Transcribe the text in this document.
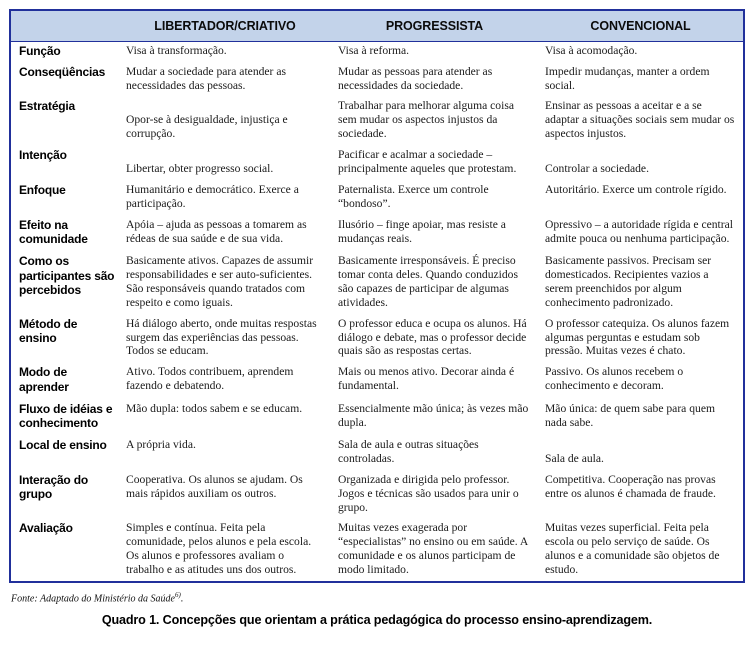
	LIBERTADOR/CRIATIVO	PROGRESSISTA	CONVENCIONAL
Função	Visa à transformação.	Visa à reforma.	Visa à acomodação.
Conseqüências	Mudar a sociedade para atender as necessidades das pessoas.	Mudar as pessoas para atender as necessidades da sociedade.	Impedir mudanças, manter a ordem social.
Estratégia	Opor-se à desigualdade, injustiça e corrupção.	Trabalhar para melhorar alguma coisa sem mudar os aspectos injustos da sociedade.	Ensinar as pessoas a aceitar e a se adaptar a situações sociais sem mudar os aspectos injustos.
Intenção	Libertar, obter progresso social.	Pacificar e acalmar a sociedade – principalmente aqueles que protestam.	Controlar a sociedade.
Enfoque	Humanitário e democrático. Exerce a participação.	Paternalista. Exerce um controle “bondoso”.	Autoritário. Exerce um controle rígido.
Efeito na comunidade	Apóia – ajuda as pessoas a tomarem as rédeas de sua saúde e de sua vida.	Ilusório – finge apoiar, mas resiste a mudanças reais.	Opressivo – a autoridade rígida e central admite pouca ou nenhuma participação.
Como os participantes são percebidos	Basicamente ativos. Capazes de assumir responsabilidades e ser auto-suficientes. São responsáveis quando tratados com respeito e como iguais.	Basicamente irresponsáveis. É preciso tomar conta deles. Quando conduzidos são capazes de participar de algumas atividades.	Basicamente passivos. Precisam ser domesticados. Recipientes vazios a serem preenchidos por algum conhecimento padronizado.
Método de ensino	Há diálogo aberto, onde muitas respostas surgem das experiências das pessoas. Todos se educam.	O professor educa e ocupa os alunos. Há diálogo e debate, mas o professor decide quais são as respostas certas.	O professor catequiza. Os alunos fazem algumas perguntas e estudam sob pressão. Muitas vezes é chato.
Modo de aprender	Ativo. Todos contribuem, aprendem fazendo e debatendo.	Mais ou menos ativo. Decorar ainda é fundamental.	Passivo. Os alunos recebem o conhecimento e decoram.
Fluxo de idéias e conhecimento	Mão dupla: todos sabem e se educam.	Essencialmente mão única; às vezes mão dupla.	Mão única: de quem sabe para quem nada sabe.
Local de ensino	A própria vida.	Sala de aula e outras situações controladas.	Sala de aula.
Interação do grupo	Cooperativa. Os alunos se ajudam. Os mais rápidos auxiliam os outros.	Organizada e dirigida pelo professor. Jogos e técnicas são usados para unir o grupo.	Competitiva. Cooperação nas provas entre os alunos é chamada de fraude.
Avaliação	Simples e contínua. Feita pela comunidade, pelos alunos e pela escola. Os alunos e professores avaliam o trabalho e as atitudes uns dos outros.	Muitas vezes exagerada por “especialistas” no ensino ou em saúde. A comunidade e os alunos participam de modo limitado.	Muitas vezes superficial. Feita pela escola ou pelo serviço de saúde. Os alunos e a comunidade são objetos de estudo.
Fonte: Adaptado do Ministério da Saúde$^{6)}$.
Quadro 1. Concepções que orientam a prática pedagógica do processo ensino-aprendizagem.
